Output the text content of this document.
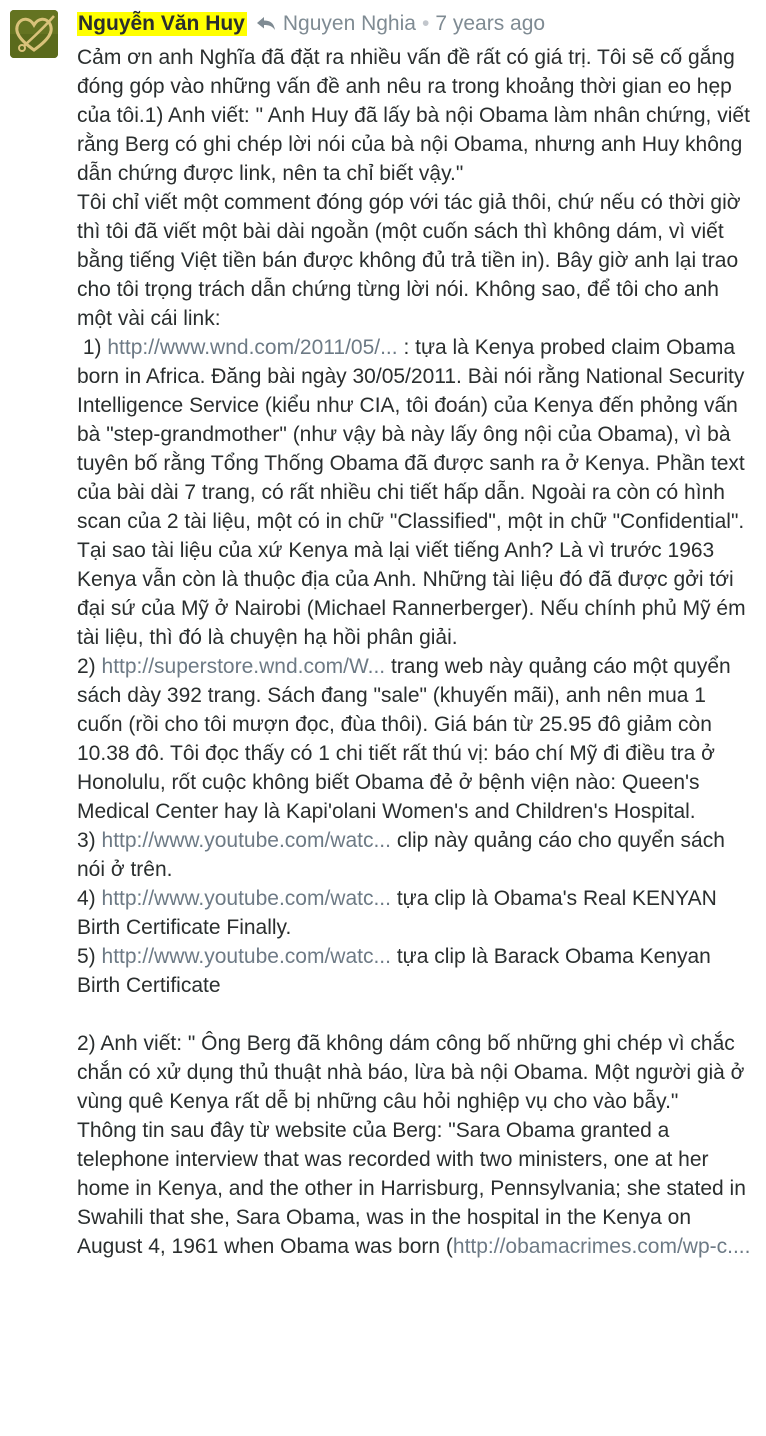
Nguyễn Văn Huy Nguyen Nghia • 7 years ago

Cảm ơn anh Nghĩa đã đặt ra nhiều vấn đề rất có giá trị. Tôi sẽ cố gắng đóng góp vào những vấn đề anh nêu ra trong khoảng thời gian eo hẹp của tôi.1) Anh viết: " Anh Huy đã lấy bà nội Obama làm nhân chứng, viết rằng Berg có ghi chép lời nói của bà nội Obama, nhưng anh Huy không dẫn chứng được link, nên ta chỉ biết vậy."

Tôi chỉ viết một comment đóng góp với tác giả thôi, chứ nếu có thời giờ thì tôi đã viết một bài dài ngoằn (một cuốn sách thì không dám, vì viết bằng tiếng Việt tiền bán được không đủ trả tiền in). Bây giờ anh lại trao cho tôi trọng trách dẫn chứng từng lời nói. Không sao, để tôi cho anh một vài cái link:

1) http://www.wnd.com/2011/05/... : tựa là Kenya probed claim Obama born in Africa. Đăng bài ngày 30/05/2011. Bài nói rằng National Security Intelligence Service (kiểu như CIA, tôi đoán) của Kenya đến phỏng vấn bà "step-grandmother" (như vậy bà này lấy ông nội của Obama), vì bà tuyên bố rằng Tổng Thống Obama đã được sanh ra ở Kenya. Phần text của bài dài 7 trang, có rất nhiều chi tiết hấp dẫn. Ngoài ra còn có hình scan của 2 tài liệu, một có in chữ "Classified", một in chữ "Confidential". Tại sao tài liệu của xứ Kenya mà lại viết tiếng Anh? Là vì trước 1963 Kenya vẫn còn là thuộc địa của Anh. Những tài liệu đó đã được gởi tới đại sứ của Mỹ ở Nairobi (Michael Rannerberger). Nếu chính phủ Mỹ ém tài liệu, thì đó là chuyện hạ hồi phân giải.

2) http://superstore.wnd.com/W... trang web này quảng cáo một quyển sách dày 392 trang. Sách đang "sale" (khuyến mãi), anh nên mua 1 cuốn (rồi cho tôi mượn đọc, đùa thôi). Giá bán từ 25.95 đô giảm còn 10.38 đô. Tôi đọc thấy có 1 chi tiết rất thú vị: báo chí Mỹ đi điều tra ở Honolulu, rốt cuộc không biết Obama đẻ ở bệnh viện nào: Queen's Medical Center hay là Kapi'olani Women's and Children's Hospital.

3) http://www.youtube.com/watc... clip này quảng cáo cho quyển sách nói ở trên.

4) http://www.youtube.com/watc... tựa clip là Obama's Real KENYAN Birth Certificate Finally.

5) http://www.youtube.com/watc... tựa clip là Barack Obama Kenyan Birth Certificate

2) Anh viết: " Ông Berg đã không dám công bố những ghi chép vì chắc chắn có xử dụng thủ thuật nhà báo, lừa bà nội Obama. Một người già ở vùng quê Kenya rất dễ bị những câu hỏi nghiệp vụ cho vào bẫy."

Thông tin sau đây từ website của Berg: "Sara Obama granted a telephone interview that was recorded with two ministers, one at her home in Kenya, and the other in Harrisburg, Pennsylvania; she stated in Swahili that she, Sara Obama, was in the hospital in the Kenya on August 4, 1961 when Obama was born (http://obamacrimes.com/wp-c....
